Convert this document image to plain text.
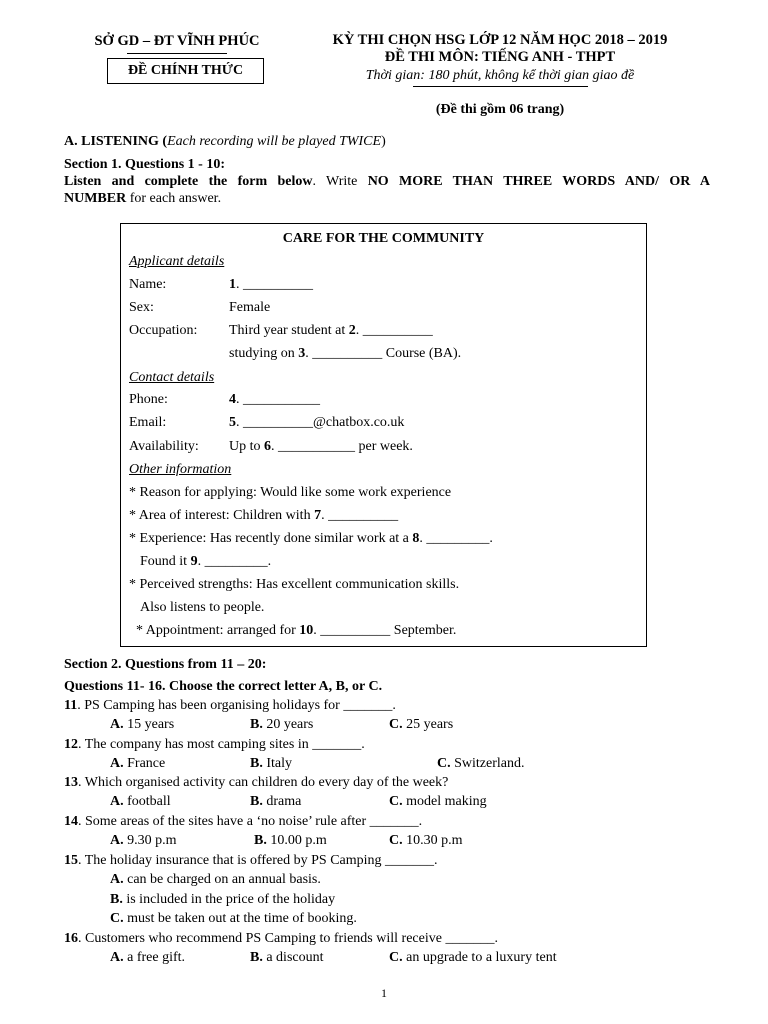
SỞ GD – ĐT VĨNH PHÚC
ĐỀ CHÍNH THỨC
KỲ THI CHỌN HSG LỚP 12 NĂM HỌC 2018 – 2019
ĐỀ THI MÔN: TIẾNG ANH - THPT
Thời gian: 180 phút, không kể thời gian giao đề
(Đề thi gồm 06 trang)
A. LISTENING (Each recording will be played TWICE)
Section 1. Questions 1 - 10:
Listen and complete the form below. Write NO MORE THAN THREE WORDS AND/ OR A
NUMBER for each answer.
CARE FOR THE COMMUNITY
Applicant details
Name:	1. __________
Sex:	Female
Occupation: Third year student at 2. __________
studying on 3. __________ Course (BA).
Contact details
Phone:	4. ___________
Email:	5. __________@chatbox.co.uk
Availability: Up to 6. ___________ per week.
Other information
* Reason for applying: Would like some work experience
* Area of interest: Children with 7. __________
* Experience: Has recently done similar work at a 8. _________.
Found it 9. _________.
* Perceived strengths: Has excellent communication skills.
Also listens to people.
* Appointment: arranged for 10. __________ September.
Section 2. Questions from 11 – 20:
Questions 11- 16. Choose the correct letter A, B, or C.
11. PS Camping has been organising holidays for _______.
A. 15 years	B. 20 years	C. 25 years
12. The company has most camping sites in _______.
A. France	B. Italy	C. Switzerland.
13. Which organised activity can children do every day of the week?
A. football	B. drama	C. model making
14. Some areas of the sites have a ‘no noise’ rule after _______.
A. 9.30 p.m	B. 10.00 p.m	C. 10.30 p.m
15. The holiday insurance that is offered by PS Camping _______.
A. can be charged on an annual basis.
B. is included in the price of the holiday
C. must be taken out at the time of booking.
16. Customers who recommend PS Camping to friends will receive _______.
A. a free gift.	B. a discount	C. an upgrade to a luxury tent
1
